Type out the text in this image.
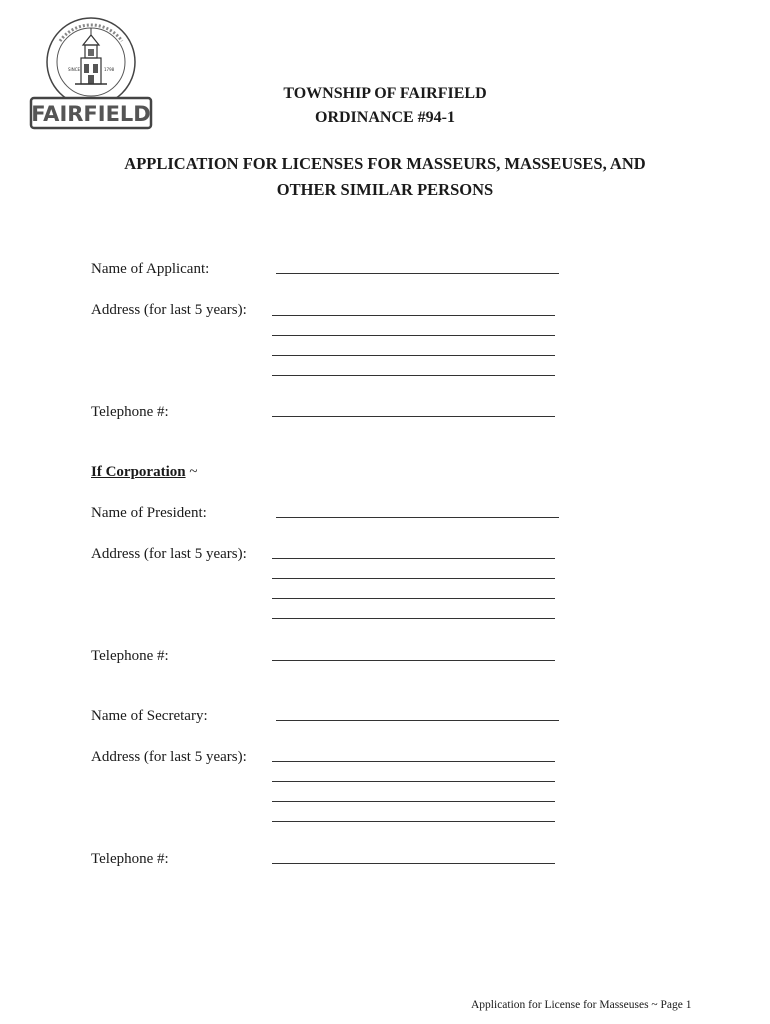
SINCE	1798
FAIRFIELD
TOWNSHIP OF FAIRFIELD
ORDINANCE #94-1
APPLICATION FOR LICENSES FOR MASSEURS, MASSEUSES, AND
OTHER SIMILAR PERSONS
Name of Applicant:
Address (for last 5 years):
Telephone #:
If Corporation ~
Name of President:
Address (for last 5 years):
Telephone #:
Name of Secretary:
Address (for last 5 years):
Telephone #:
Application for License for Masseuses ~ Page 1
